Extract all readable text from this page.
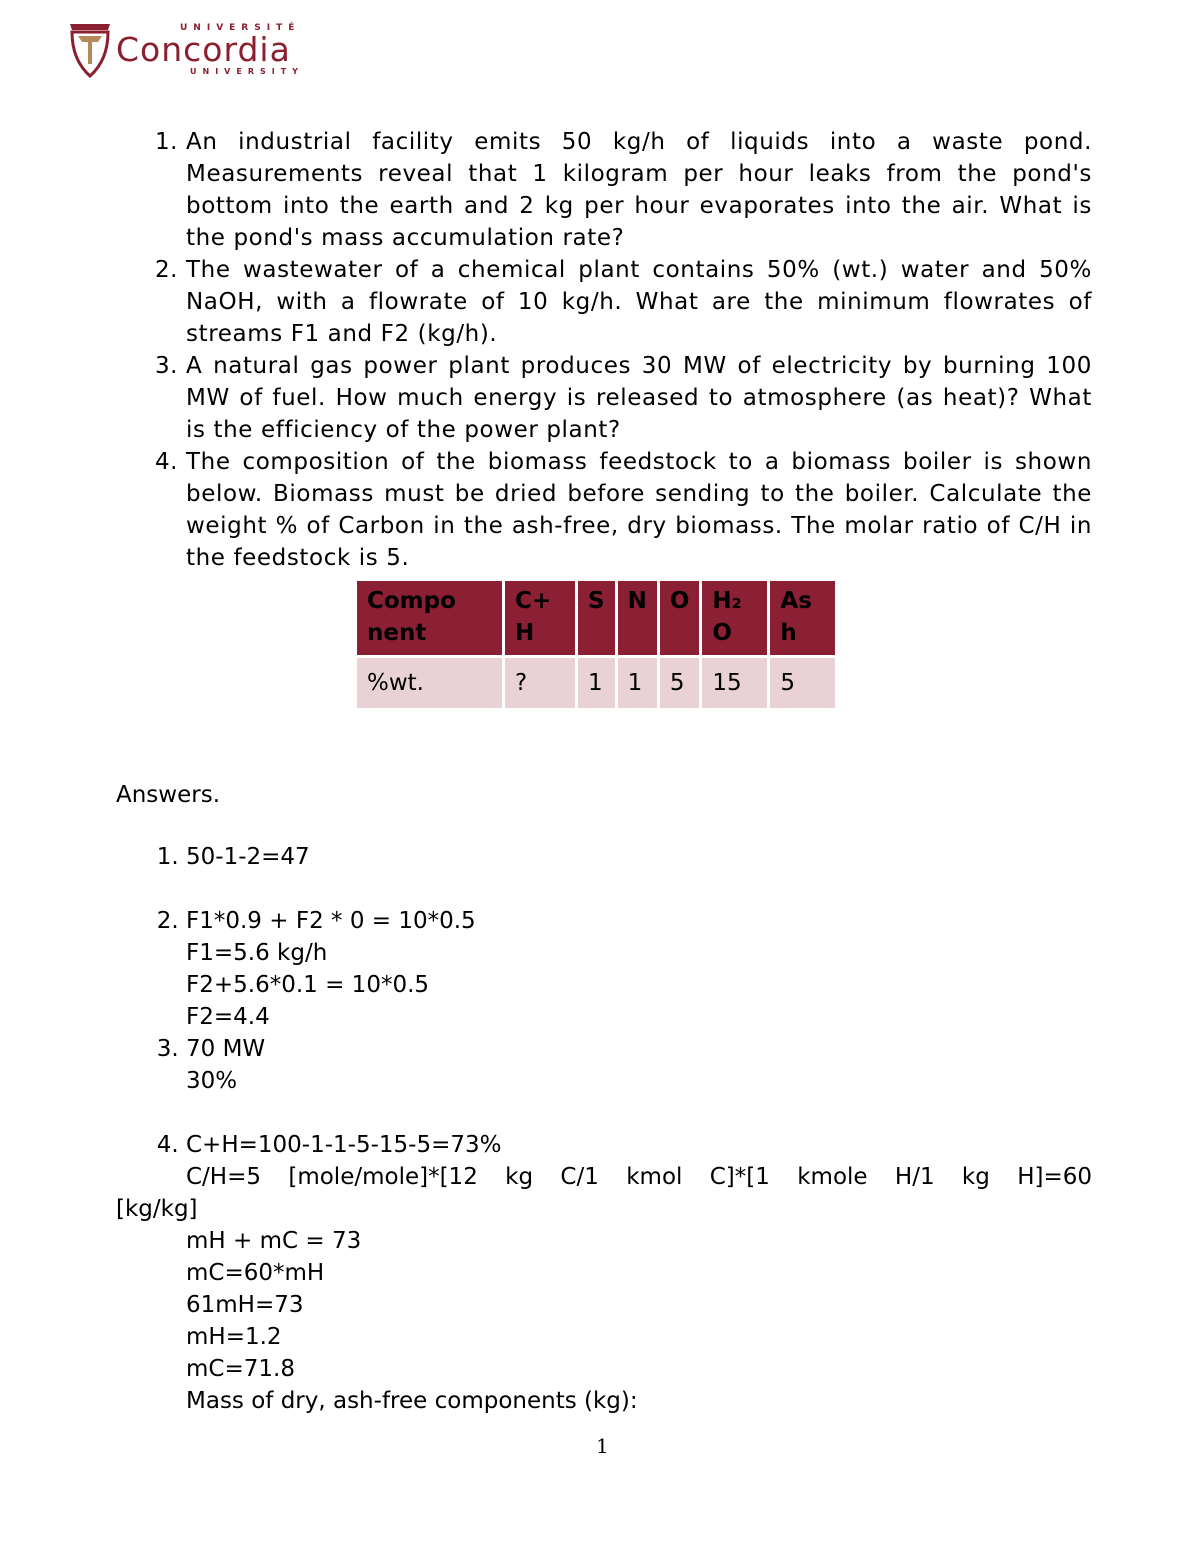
UNIVERSITÉ
Concordia
UNIVERSITY
1. An industrial facility emits 50 kg/h of liquids into a waste pond. Measurements reveal that 1 kilogram per hour leaks from the pond's bottom into the earth and 2 kg per hour evaporates into the air. What is the pond's mass accumulation rate?
2. The wastewater of a chemical plant contains 50% (wt.) water and 50% NaOH, with a flowrate of 10 kg/h. What are the minimum flowrates of streams F1 and F2 (kg/h).
3. A natural gas power plant produces 30 MW of electricity by burning 100 MW of fuel. How much energy is released to atmosphere (as heat)? What is the efficiency of the power plant?
4. The composition of the biomass feedstock to a biomass boiler is shown below. Biomass must be dried before sending to the boiler. Calculate the weight % of Carbon in the ash-free, dry biomass. The molar ratio of C/H in the feedstock is 5.
Compo nent	C+ H	S	N	O	H₂ O	As h
%wt.	?	1	1	5	15	5
Answers.
1. 50-1-2=47
2. F1*0.9 + F2 * 0 = 10*0.5
F1=5.6 kg/h
F2+5.6*0.1 = 10*0.5
F2=4.4
3. 70 MW
30%
4. C+H=100-1-1-5-15-5=73%
C/H=5 [mole/mole]*[12 kg C/1 kmol C]*[1 kmole H/1 kg H]=60
[kg/kg]
mH + mC = 73
mC=60*mH
61mH=73
mH=1.2
mC=71.8
Mass of dry, ash-free components (kg):
1
